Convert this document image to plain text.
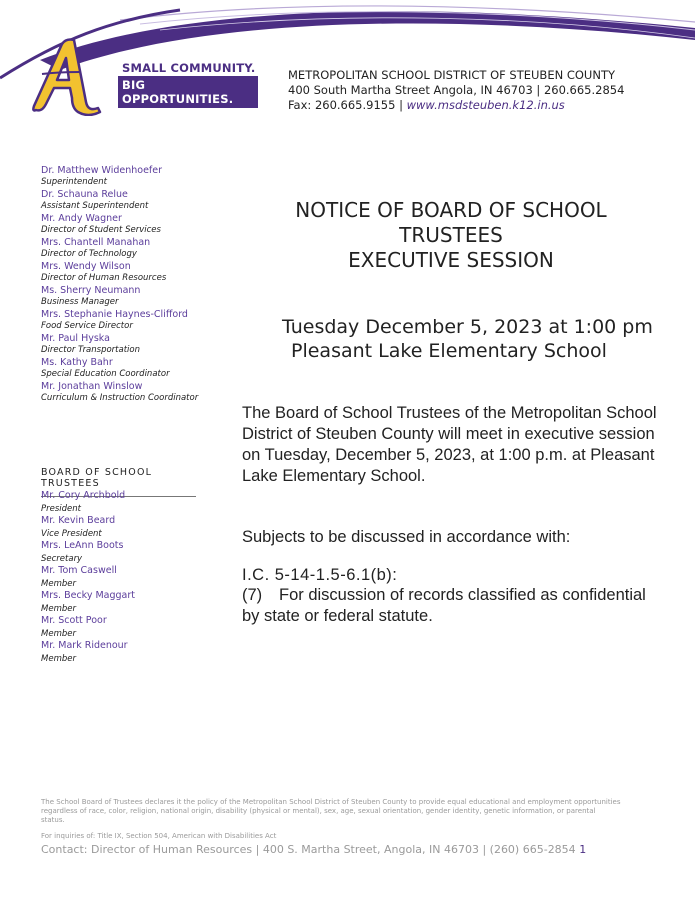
SMALL COMMUNITY.
BIG OPPORTUNITIES.
METROPOLITAN SCHOOL DISTRICT OF STEUBEN COUNTY
400 South Martha Street Angola, IN 46703 | 260.665.2854
Fax: 260.665.9155 | www.msdsteuben.k12.in.us
Dr. Matthew Widenhoefer
Superintendent
Dr. Schauna Relue
Assistant Superintendent
Mr. Andy Wagner
Director of Student Services
Mrs. Chantell Manahan
Director of Technology
Mrs. Wendy Wilson
Director of Human Resources
Ms. Sherry Neumann
Business Manager
Mrs. Stephanie Haynes-Clifford
Food Service Director
Mr. Paul Hyska
Director Transportation
Ms. Kathy Bahr
Special Education Coordinator
Mr. Jonathan Winslow
Curriculum & Instruction Coordinator
BOARD OF SCHOOL TRUSTEES
Mr. Cory Archbold
President
Mr. Kevin Beard
Vice President
Mrs. LeAnn Boots
Secretary
Mr. Tom Caswell
Member
Mrs. Becky Maggart
Member
Mr. Scott Poor
Member
Mr. Mark Ridenour
Member
NOTICE OF BOARD OF SCHOOL
TRUSTEES
EXECUTIVE SESSION
Tuesday December 5, 2023 at 1:00 pm
Pleasant Lake Elementary School
The Board of School Trustees of the Metropolitan School District of Steuben County will meet in executive session on Tuesday, December 5, 2023, at 1:00 p.m. at Pleasant Lake Elementary School.
Subjects to be discussed in accordance with:
I.C. 5-14-1.5-6.1(b):
(7) For discussion of records classified as confidential by state or federal statute.
The School Board of Trustees declares it the policy of the Metropolitan School District of Steuben County to provide equal educational and employment opportunities regardless of race, color, religion, national origin, disability (physical or mental), sex, age, sexual orientation, gender identity, genetic information, or parental status.
For inquiries of: Title IX, Section 504, American with Disabilities Act
Contact: Director of Human Resources | 400 S. Martha Street, Angola, IN 46703 | (260) 665-2854 1
